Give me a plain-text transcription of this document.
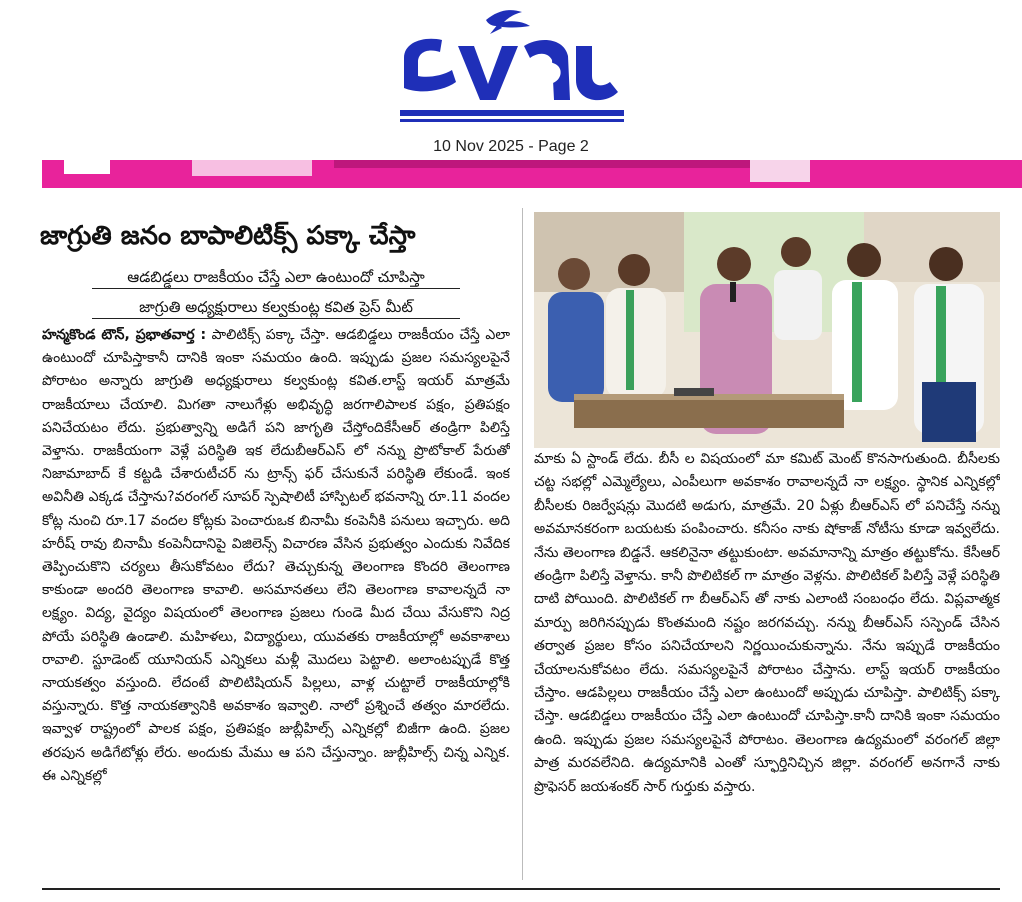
వార్త
10 Nov 2025 - Page 2
జాగ్రుతి జనం బాపాలిటిక్స్ పక్కా చేస్తా
ఆడబిడ్డలు రాజకీయం చేస్తే ఎలా ఉంటుందో చూపిస్తా
జాగ్రుతి అధ్యక్షురాలు కల్వకుంట్ల కవిత ప్రెస్ మీట్
హన్మకొండ టౌన్, ప్రభాతవార్త : పాలిటిక్స్ పక్కా చేస్తా. ఆడబిడ్డలు రాజకీయం చేస్తే ఎలా ఉంటుందో చూపిస్తాకానీ దానికి ఇంకా సమయం ఉంది. ఇప్పుడు ప్రజల సమస్యలపైనే పోరాటం అన్నారు జాగ్రుతి అధ్యక్షురాలు కల్వకుంట్ల కవిత.లాస్ట్ ఇయర్ మాత్రమే రాజకీయాలు చేయాలి. మిగతా నాలుగేళ్లు అభివృద్ధి జరగాలిపాలక పక్షం, ప్రతిపక్షం పనిచేయటం లేదు. ప్రభుత్వాన్ని అడిగే పని జాగృతి చేస్తోందికేసీఆర్ తండ్రిగా పిలిస్తే వెళ్తాను. రాజకీయంగా వెళ్లే పరిస్థితి ఇక లేదుబీఆర్ఎస్ లో నన్ను ప్రొటోకాల్ పేరుతో నిజామాబాద్ కే కట్టడి చేశారుటీచర్ ను ట్రాన్స్ ఫర్ చేసుకునే పరిస్థితి లేకుండే. ఇంక అవినీతి ఎక్కడ చేస్తాను?వరంగల్ సూపర్ స్పెషాలిటీ హాస్పిటల్ భవనాన్ని రూ.11 వందల కోట్ల నుంచి రూ.17 వందల కోట్లకు పెంచారుఒక బినామీ కంపెనీకి పనులు ఇచ్చారు. అది హరీష్ రావు బినామీ కంపెనీదానిపై విజిలెన్స్ విచారణ వేసిన ప్రభుత్వం ఎందుకు నివేదిక తెప్పించుకొని చర్యలు తీసుకోవటం లేదు? తెచ్చుకున్న తెలంగాణ కొందరి తెలంగాణ కాకుండా అందరి తెలంగాణ కావాలి. అసమానతలు లేని తెలంగాణ కావాలన్నదే నా లక్ష్యం. విద్య, వైద్యం విషయంలో తెలంగాణ ప్రజలు గుండె మీద చేయి వేసుకొని నిద్ర పోయే పరిస్థితి ఉండాలి. మహిళలు, విద్యార్థులు, యువతకు రాజకీయాల్లో అవకాశాలు రావాలి. స్టూడెంట్ యూనియన్ ఎన్నికలు మళ్లీ మొదలు పెట్టాలి. అలాంటప్పుడే కొత్త నాయకత్వం వస్తుంది. లేదంటే పొలిటిషియన్ పిల్లలు, వాళ్ల చుట్టాలే రాజకీయాల్లోకి వస్తున్నారు. కొత్త నాయకత్వానికి అవకాశం ఇవ్వాలి. నాలో ప్రశ్నించే తత్వం మారలేదు. ఇవ్వాళ రాష్ట్రంలో పాలక పక్షం, ప్రతిపక్షం జుబ్లీహిల్స్ ఎన్నికల్లో బిజీగా ఉంది. ప్రజల తరపున అడిగేటోళ్లు లేరు. అందుకు మేము ఆ పని చేస్తున్నాం. జుబ్లీహిల్స్ చిన్న ఎన్నిక. ఈ ఎన్నికల్లో
మాకు ఏ స్టాండ్ లేదు. బీసీ ల విషయంలో మా కమిట్ మెంట్ కొనసాగుతుంది. బీసీలకు చట్ట సభల్లో ఎమ్మెల్యేలు, ఎంపీలుగా అవకాశం రావాలన్నదే నా లక్ష్యం. స్థానిక ఎన్నికల్లో బీసీలకు రిజర్వేషన్లు మొదటి అడుగు, మాత్రమే. 20 ఏళ్లు బీఆర్ఎస్ లో పనిచేస్తే నన్ను అవమానకరంగా బయటకు పంపించారు. కనీసం నాకు షోకాజ్ నోటీసు కూడా ఇవ్వలేదు. నేను తెలంగాణ బిడ్డనే. ఆకలినైనా తట్టుకుంటా. అవమానాన్ని మాత్రం తట్టుకోను. కేసీఆర్ తండ్రిగా పిలిస్తే వెళ్తాను. కానీ పొలిటికల్ గా మాత్రం వెళ్లను. పొలిటికల్ పిలిస్తే వెళ్లే పరిస్థితి దాటి పోయింది. పొలిటికల్ గా బీఆర్ఎస్ తో నాకు ఎలాంటి సంబంధం లేదు. విప్లవాత్మక మార్పు జరిగినప్పుడు కొంతమంది నష్టం జరగవచ్చు. నన్ను బీఆర్ఎస్ సస్పెండ్ చేసిన తర్వాత ప్రజల కోసం పనిచేయాలని నిర్ణయించుకున్నాను. నేను ఇప్పుడే రాజకీయం చేయాలనుకోవటం లేదు. సమస్యలపైనే పోరాటం చేస్తాను. లాస్ట్ ఇయర్ రాజకీయం చేస్తాం. ఆడపిల్లలు రాజకీయం చేస్తే ఎలా ఉంటుందో అప్పుడు చూపిస్తా. పాలిటిక్స్ పక్కా చేస్తా. ఆడబిడ్డలు రాజకీయం చేస్తే ఎలా ఉంటుందో చూపిస్తా.కానీ దానికి ఇంకా సమయం ఉంది. ఇప్పుడు ప్రజల సమస్యలపైనే పోరాటం. తెలంగాణ ఉద్యమంలో వరంగల్ జిల్లా పాత్ర మరవలేనిది. ఉద్యమానికి ఎంతో స్ఫూర్తినిచ్చిన జిల్లా. వరంగల్ అనగానే నాకు ప్రొఫెసర్ జయశంకర్ సార్ గుర్తుకు వస్తారు.
